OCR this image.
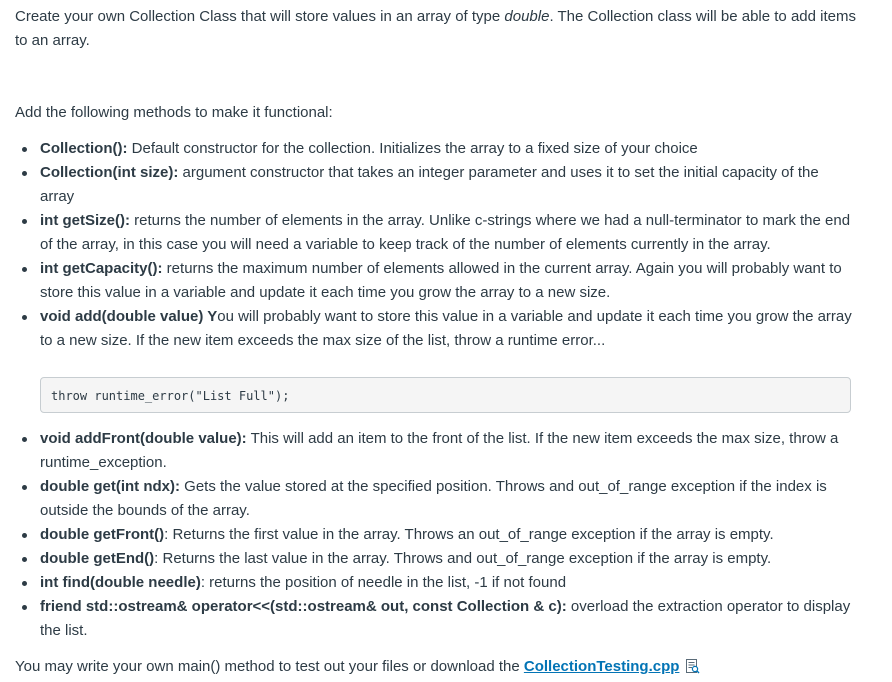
Create your own Collection Class that will store values in an array of type double. The Collection class will be able to add items to an array.

Add the following methods to make it functional:

Collection(): Default constructor for the collection. Initializes the array to a fixed size of your choice
Collection(int size): argument constructor that takes an integer parameter and uses it to set the initial capacity of the array
int getSize(): returns the number of elements in the array. Unlike c-strings where we had a null-terminator to mark the end of the array, in this case you will need a variable to keep track of the number of elements currently in the array.
int getCapacity(): returns the maximum number of elements allowed in the current array. Again you will probably want to store this value in a variable and update it each time you grow the array to a new size.
void add(double value) You will probably want to store this value in a variable and update it each time you grow the array to a new size. If the new item exceeds the max size of the list, throw a runtime error...
throw runtime_error("List Full");
void addFront(double value): This will add an item to the front of the list. If the new item exceeds the max size, throw a runtime_exception.
double get(int ndx): Gets the value stored at the specified position. Throws and out_of_range exception if the index is outside the bounds of the array.
double getFront(): Returns the first value in the array. Throws an out_of_range exception if the array is empty.
double getEnd(): Returns the last value in the array. Throws and out_of_range exception if the array is empty.
int find(double needle): returns the position of needle in the list, -1 if not found
friend std::ostream& operator<<(std::ostream& out, const Collection & c): overload the extraction operator to display the list.

You may write your own main() method to test out your files or download the CollectionTesting.cpp
